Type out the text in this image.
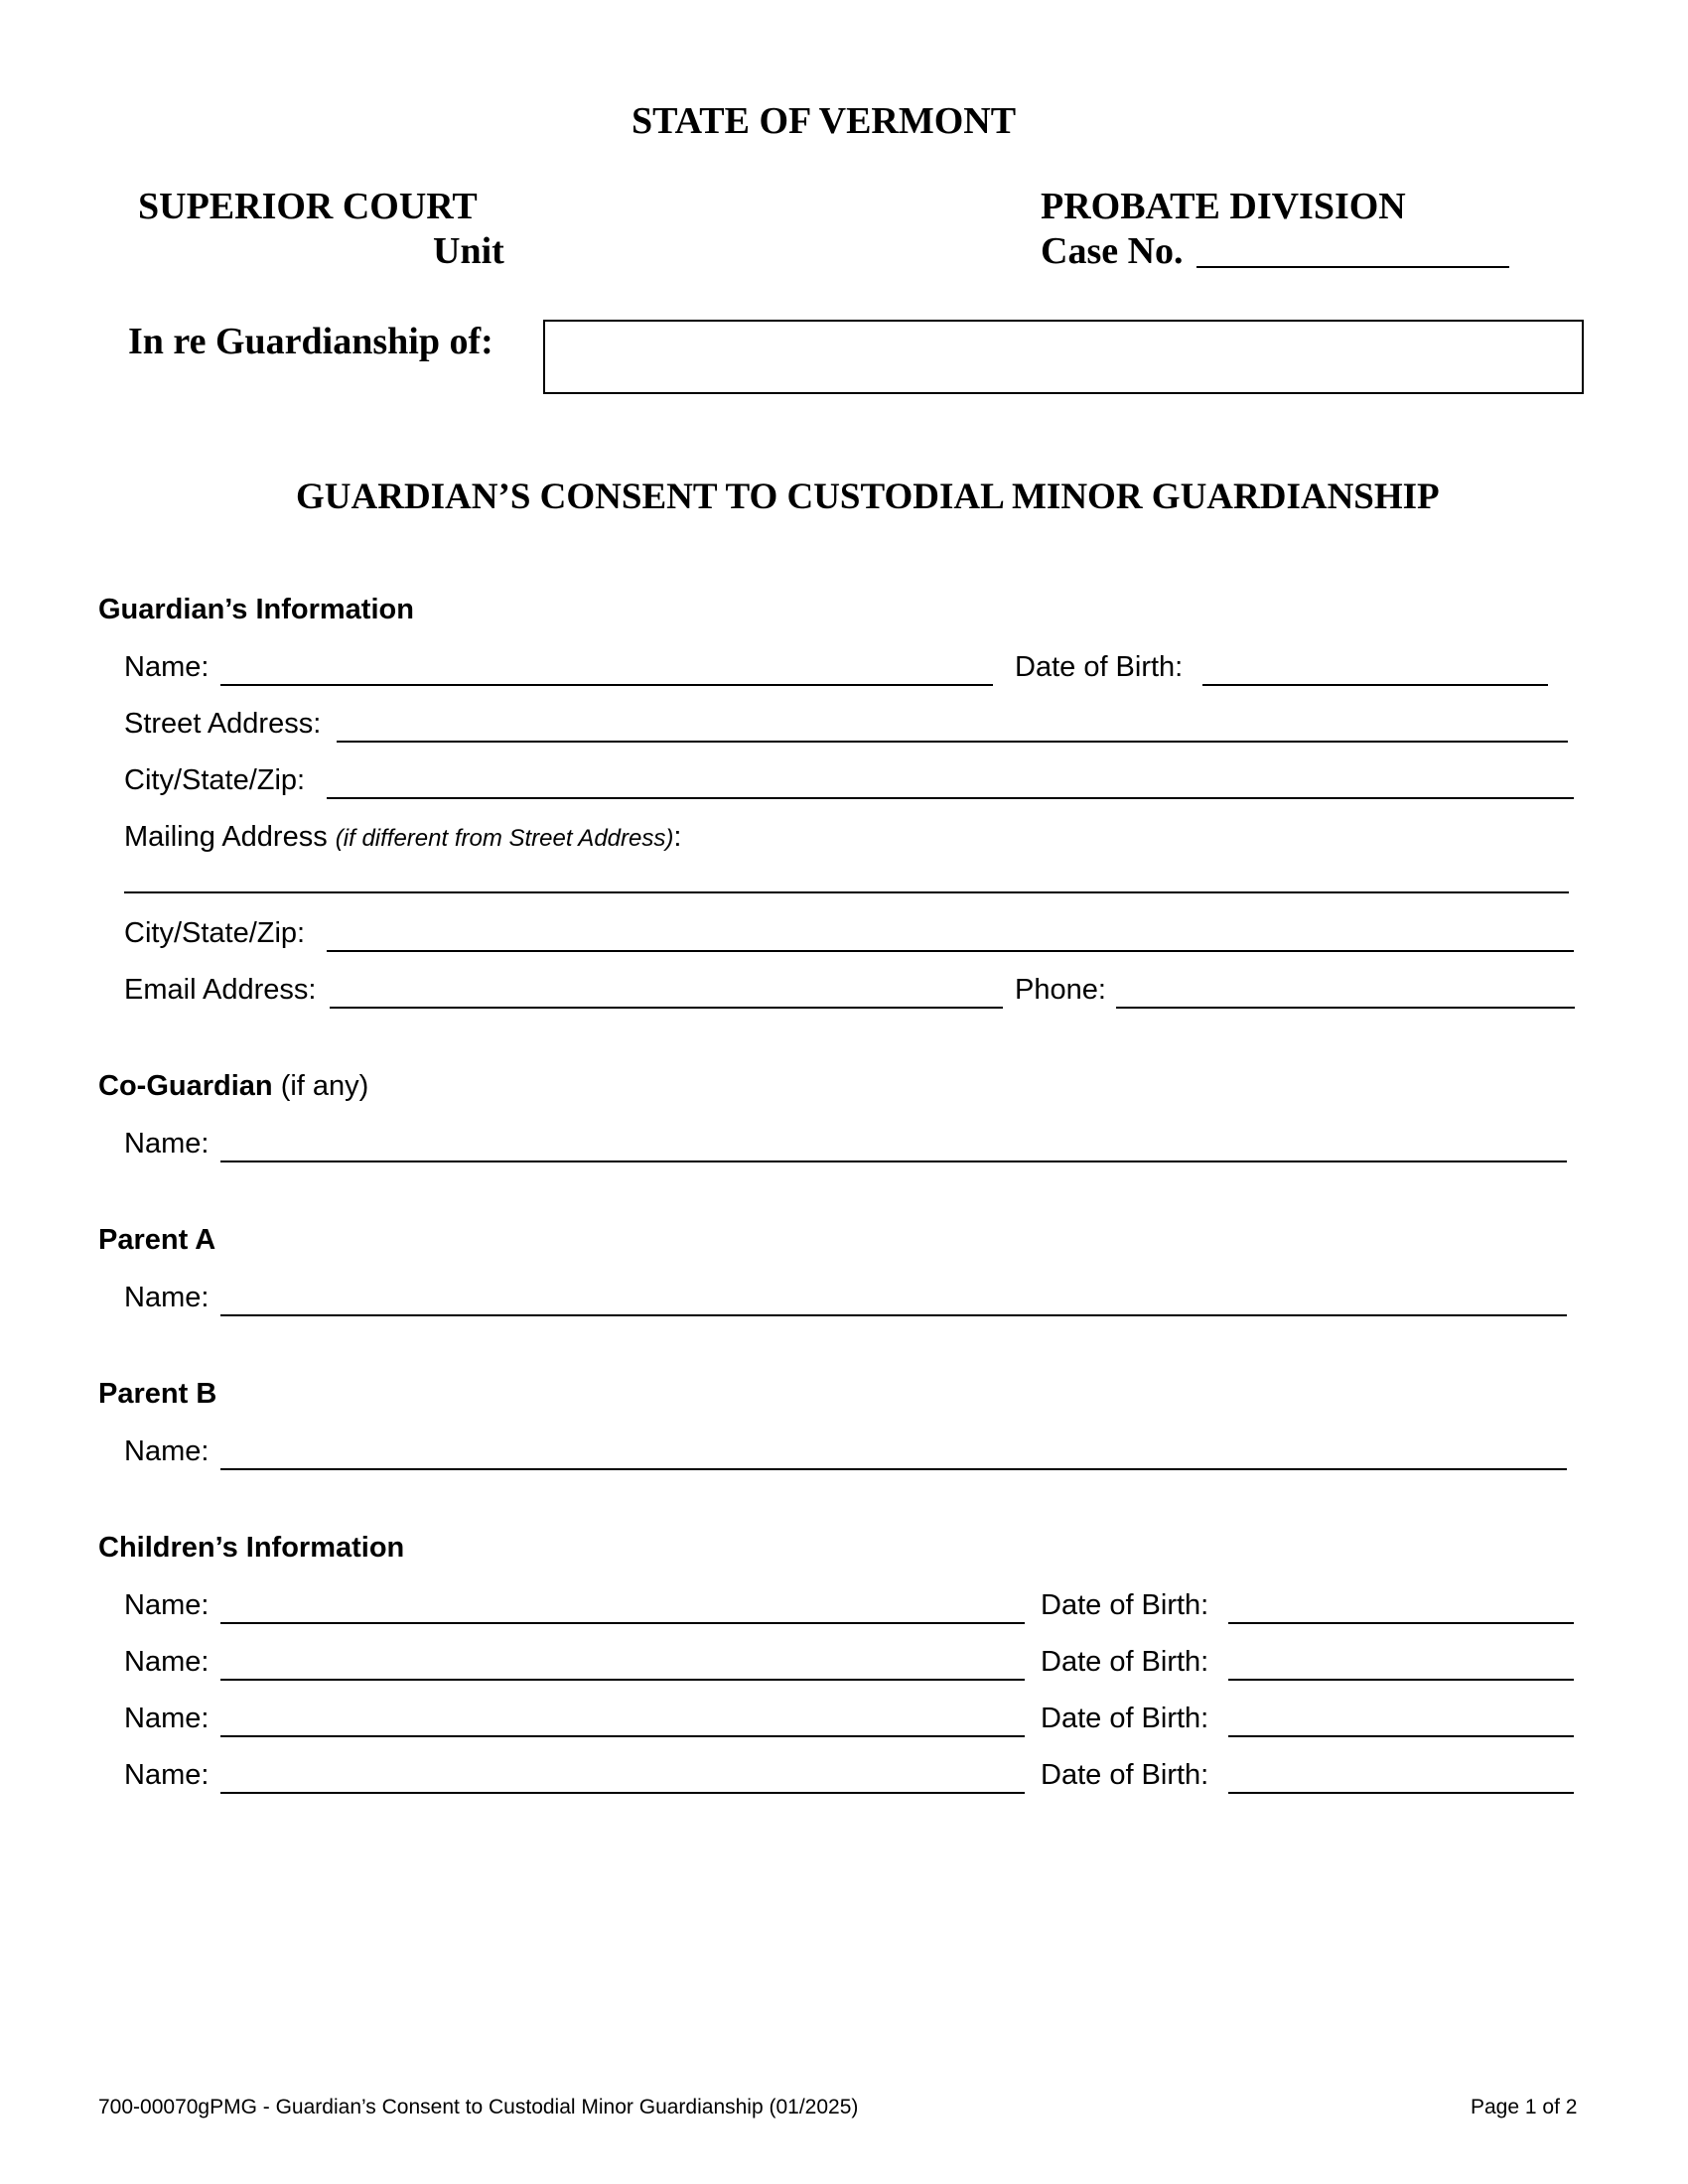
STATE OF VERMONT
SUPERIOR COURT
Unit
PROBATE DIVISION
Case No.
In re Guardianship of:
GUARDIAN’S CONSENT TO CUSTODIAL MINOR GUARDIANSHIP
Guardian’s Information
Name:	Date of Birth:
Street Address:
City/State/Zip:
Mailing Address (if different from Street Address):
City/State/Zip:
Email Address:	Phone:
Co-Guardian (if any)
Name:
Parent A
Name:
Parent B
Name:
Children’s Information
Name:	Date of Birth:
Name:	Date of Birth:
Name:	Date of Birth:
Name:	Date of Birth:
700-00070gPMG - Guardian’s Consent to Custodial Minor Guardianship (01/2025)	Page 1 of 2
